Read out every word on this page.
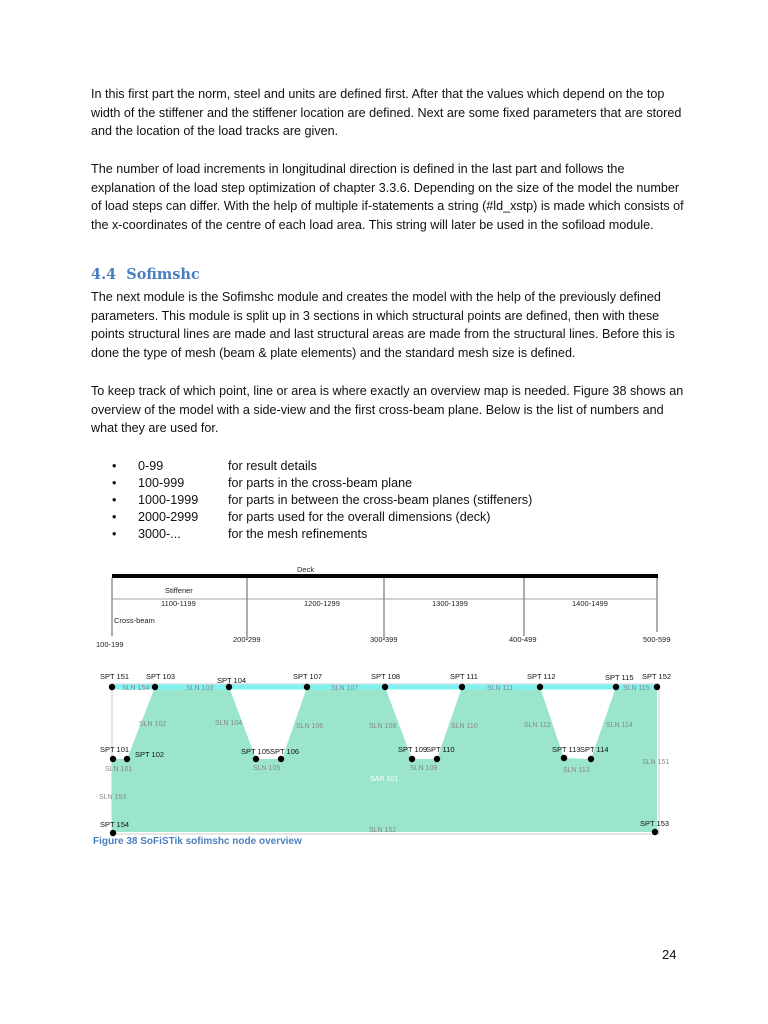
In this first part the norm, steel and units are defined first. After that the values which depend on the top width of the stiffener and the stiffener location are defined. Next are some fixed parameters that are stored and the location of the load tracks are given.

The number of load increments in longitudinal direction is defined in the last part and follows the explanation of the load step optimization of chapter 3.3.6. Depending on the size of the model the number of load steps can differ. With the help of multiple if-statements a string (#ld_xstp) is made which consists of the x-coordinates of the centre of each load area. This string will later be used in the sofiload module.

4.4 Sofimshc

The next module is the Sofimshc module and creates the model with the help of the previously defined parameters. This module is split up in 3 sections in which structural points are defined, then with these points structural lines are made and last structural areas are made from the structural lines. Before this is done the type of mesh (beam & plate elements) and the standard mesh size is defined.

To keep track of which point, line or area is where exactly an overview map is needed. Figure 38 shows an overview of the model with a side-view and the first cross-beam plane. Below is the list of numbers and what they are used for.

•	0-99	for result details
•	100-999	for parts in the cross-beam plane
•	1000-1999	for parts in between the cross-beam planes (stiffeners)
•	2000-2999	for parts used for the overall dimensions (deck)
•	3000-...	for the mesh refinements
Deck
Stiffener
Cross-beam
1100-1199	1200-1299	1300-1399	1400-1499
100-199
200-299	300-399	400-499	500-599
SPT 151 SPT 103	SPT 104	SPT 107	SPT 108	SPT 111	SPT 112	SPT 115 SPT 152
SPT 101
SPT 102	SPT 105 SPT 106	SPT 109
SPT 110	SPT 113 SPT 114
SPT 154	SPT 153
SLN 154	SLN 103	SLN 107	SLN 111	SLN 115
SLN 102	SLN 104	SLN 106	SLN 108	SLN 110	SLN 112	SLN 114
SLN 101	SLN 105	SLN 109	SLN 113
SLN 151
SLN 153
SLN 152
SAR 101
Figure 38 SoFiSTik sofimshc node overview
24
